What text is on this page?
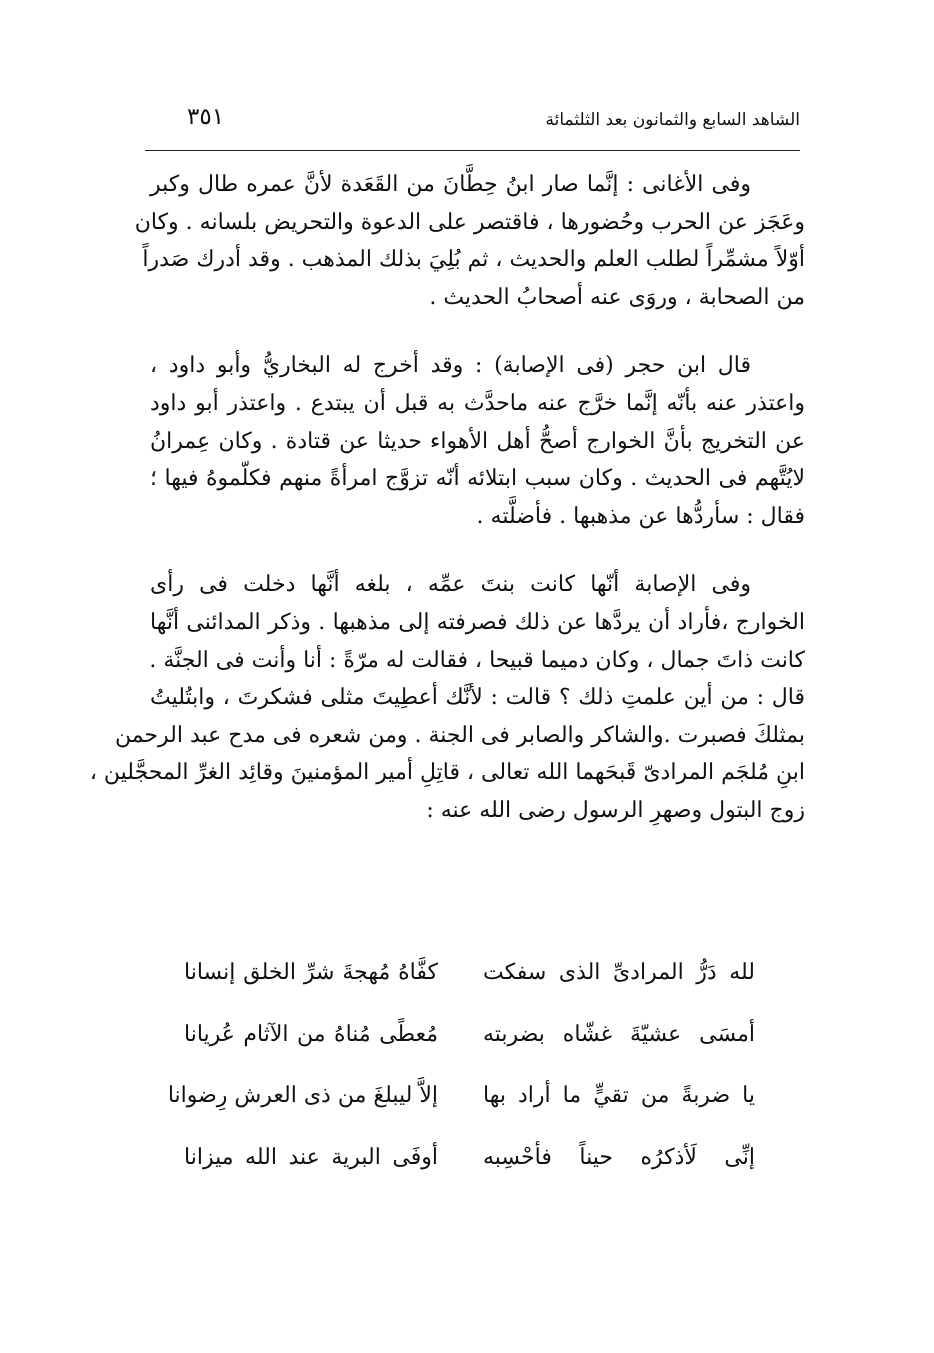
الشاهد السابع والثمانون بعد الثلثمائة
٣٥١

وفى الأغانى : إنَّما صار ابنُ حِطَّانَ من القَعَدة لأنَّ عمره طال وكبر
وعَجَز عن الحرب وحُضورها ، فاقتصر على الدعوة والتحريض بلسانه . وكان
أوّلاً مشمِّراً لطلب العلم والحديث ، ثم بُلِيَ بذلك المذهب . وقد أدرك صَدراً
من الصحابة ، وروَى عنه أصحابُ الحديث .

قال ابن حجر (فى الإصابة) : وقد أخرج له البخاريُّ وأبو داود ،
واعتذر عنه بأنّه إنَّما خرَّج عنه ماحدَّث به قبل أن يبتدع . واعتذر أبو داود
عن التخريج بأنَّ الخوارج أصحُّ أهل الأهواء حديثا عن قتادة . وكان عِمرانُ
لايُتَّهم فى الحديث . وكان سبب ابتلائه أنّه تزوَّج امرأةً منهم فكلّموهُ فيها ؛
فقال : سأردُّها عن مذهبها . فأضلَّته .

وفى الإصابة أنّها كانت بنتَ عمِّه ، بلغه أنَّها دخلت فى رأى
الخوارج ،فأراد أن يردَّها عن ذلك فصرفته إلى مذهبها . وذكر المدائنى أنَّها
كانت ذاتَ جمال ، وكان دميما قبيحا ، فقالت له مرّةً : أنا وأنت فى الجنَّة .
قال : من أين علمتِ ذلك ؟ قالت : لأنَّك أعطِيتَ مثلى فشكرتَ ، وابتُليتُ
بمثلكَ فصبرت .والشاكر والصابر فى الجنة . ومن شعره فى مدح عبد الرحمن
ابنِ مُلجَم المرادىّ قَبحَهما الله تعالى ، قاتِلِ أمير المؤمنينَ وقائِد الغرِّ المحجَّلين ،
زوج البتول وصهرِ الرسول رضى الله عنه :

لله دَرُّ المرادىِّ الذى سفكت
كفَّاهُ مُهجةَ شرِّ الخلق إنسانا
أمسَى عشيّةَ غشّاه بضربته
مُعطًى مُناهُ من الآثام عُريانا
يا ضربةً من تقيٍّ ما أراد بها
إلاَّ ليبلغَ من ذى العرش رِضوانا
إنِّى لَأذكرُه حيناً فأحْسِبه
أوفَى البرية عند الله ميزانا
